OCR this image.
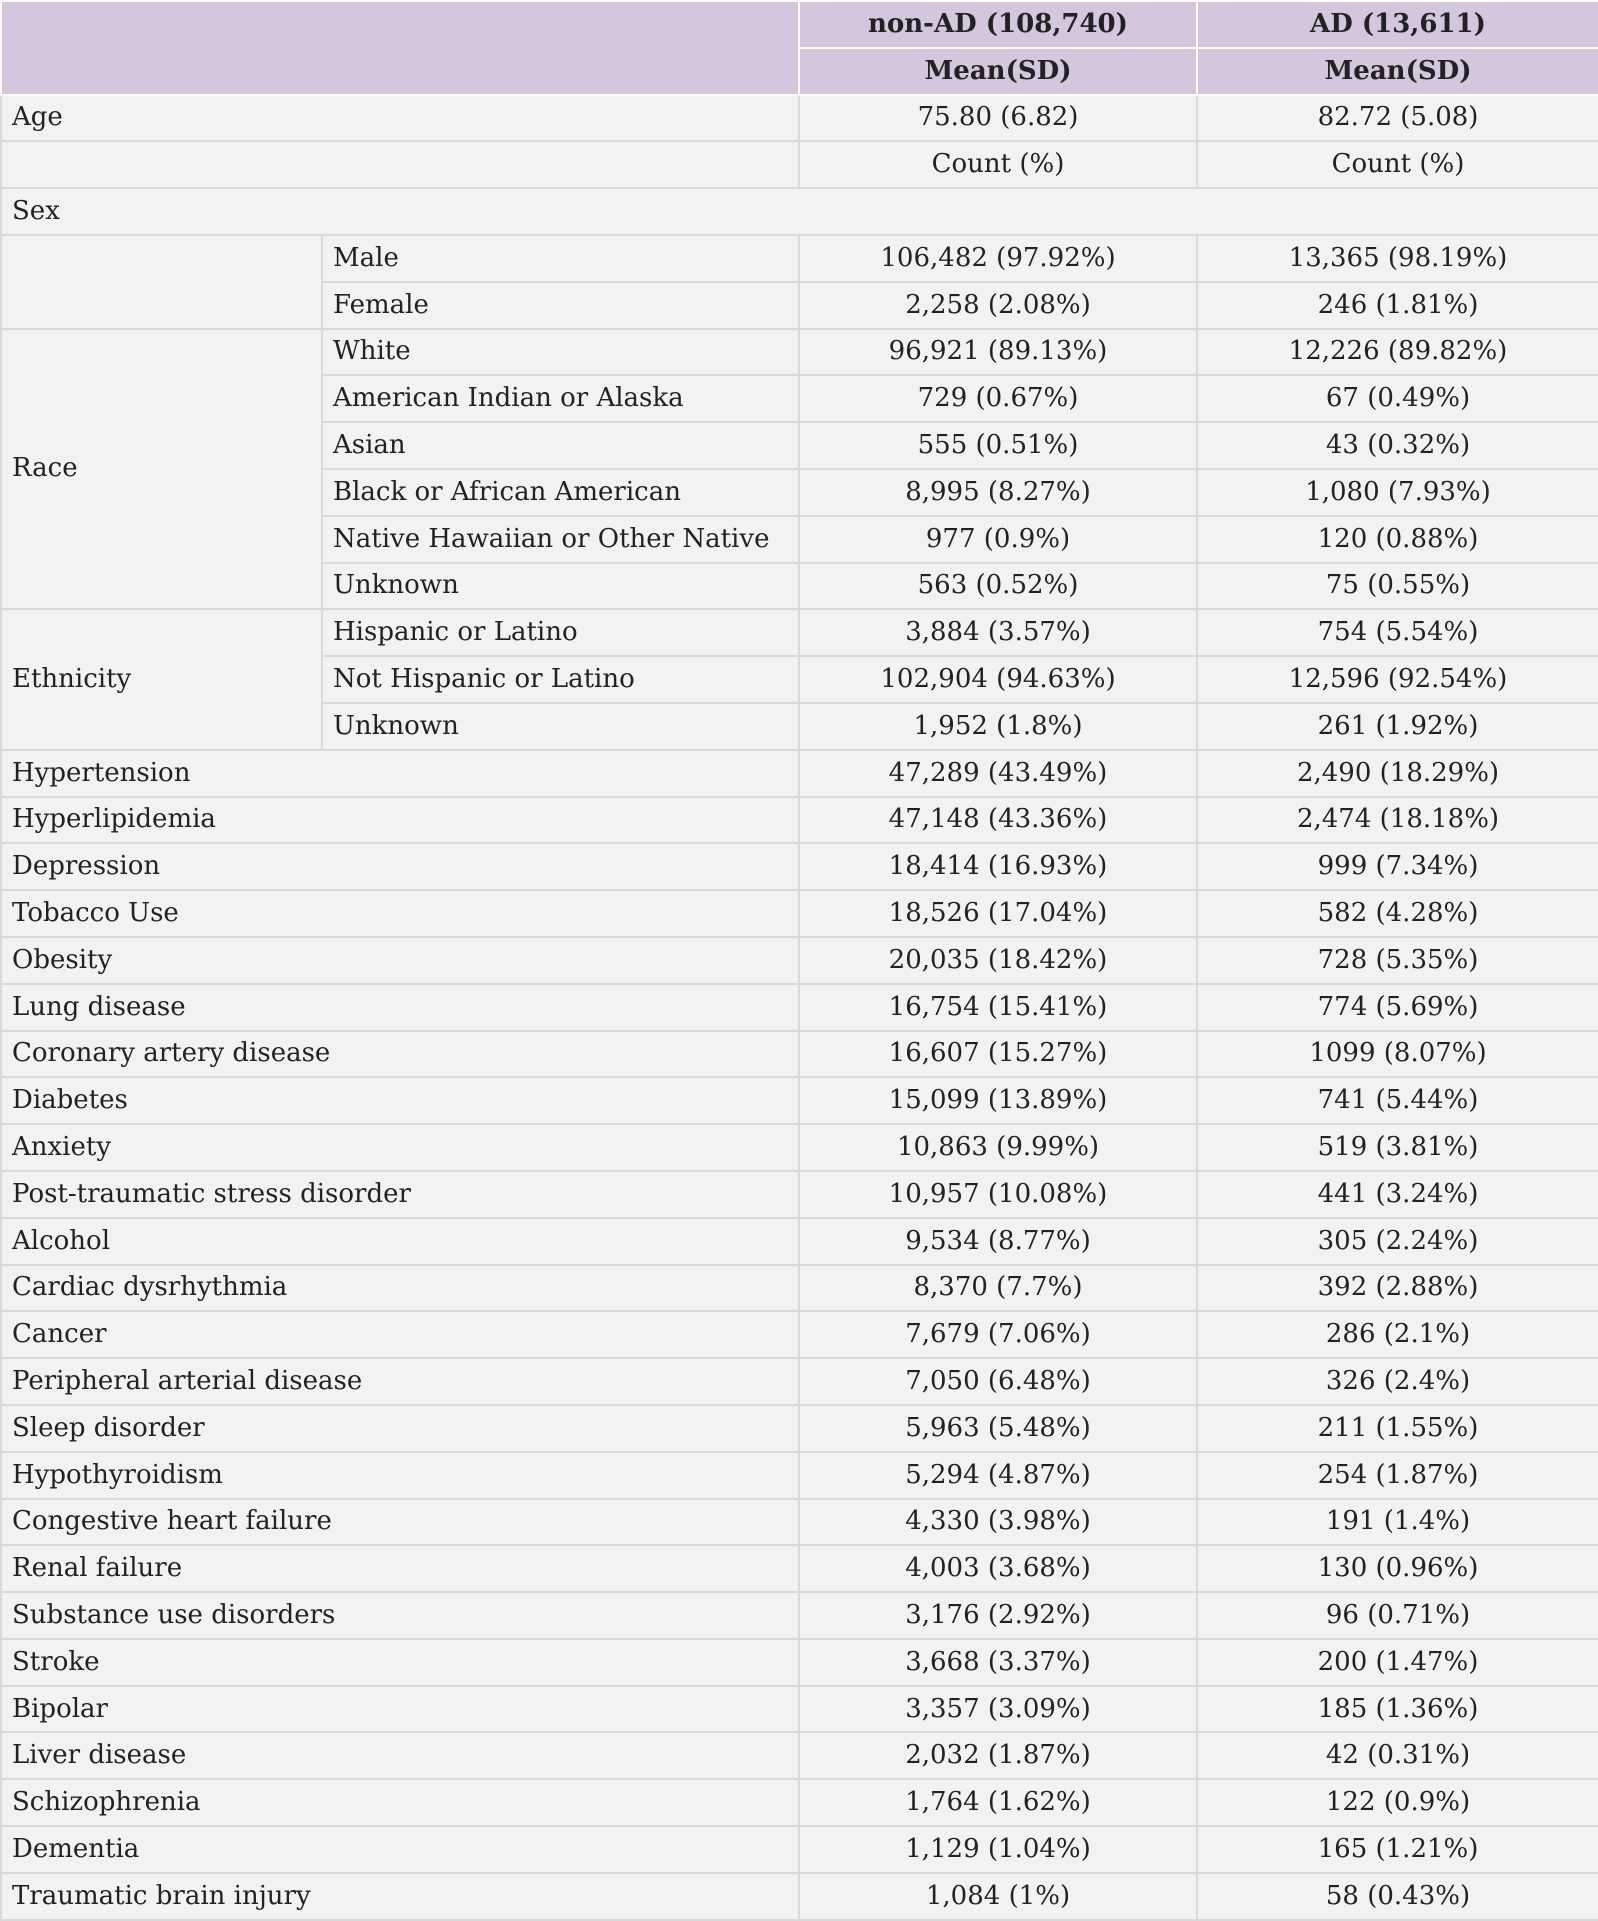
		non-AD (108,740)	AD (13,611)
		Mean(SD)	Mean(SD)
Age		75.80 (6.82)	82.72 (5.08)
		Count (%)	Count (%)
Sex			
	Male	106,482 (97.92%)	13,365 (98.19%)
	Female	2,258 (2.08%)	246 (1.81%)
Race	White	96,921 (89.13%)	12,226 (89.82%)
	American Indian or Alaska	729 (0.67%)	67 (0.49%)
	Asian	555 (0.51%)	43 (0.32%)
	Black or African American	8,995 (8.27%)	1,080 (7.93%)
	Native Hawaiian or Other Native	977 (0.9%)	120 (0.88%)
	Unknown	563 (0.52%)	75 (0.55%)
Ethnicity	Hispanic or Latino	3,884 (3.57%)	754 (5.54%)
	Not Hispanic or Latino	102,904 (94.63%)	12,596 (92.54%)
	Unknown	1,952 (1.8%)	261 (1.92%)
Hypertension		47,289 (43.49%)	2,490 (18.29%)
Hyperlipidemia		47,148 (43.36%)	2,474 (18.18%)
Depression		18,414 (16.93%)	999 (7.34%)
Tobacco Use		18,526 (17.04%)	582 (4.28%)
Obesity		20,035 (18.42%)	728 (5.35%)
Lung disease		16,754 (15.41%)	774 (5.69%)
Coronary artery disease		16,607 (15.27%)	1099 (8.07%)
Diabetes		15,099 (13.89%)	741 (5.44%)
Anxiety		10,863 (9.99%)	519 (3.81%)
Post-traumatic stress disorder		10,957 (10.08%)	441 (3.24%)
Alcohol		9,534 (8.77%)	305 (2.24%)
Cardiac dysrhythmia		8,370 (7.7%)	392 (2.88%)
Cancer		7,679 (7.06%)	286 (2.1%)
Peripheral arterial disease		7,050 (6.48%)	326 (2.4%)
Sleep disorder		5,963 (5.48%)	211 (1.55%)
Hypothyroidism		5,294 (4.87%)	254 (1.87%)
Congestive heart failure		4,330 (3.98%)	191 (1.4%)
Renal failure		4,003 (3.68%)	130 (0.96%)
Substance use disorders		3,176 (2.92%)	96 (0.71%)
Stroke		3,668 (3.37%)	200 (1.47%)
Bipolar		3,357 (3.09%)	185 (1.36%)
Liver disease		2,032 (1.87%)	42 (0.31%)
Schizophrenia		1,764 (1.62%)	122 (0.9%)
Dementia		1,129 (1.04%)	165 (1.21%)
Traumatic brain injury		1,084 (1%)	58 (0.43%)
